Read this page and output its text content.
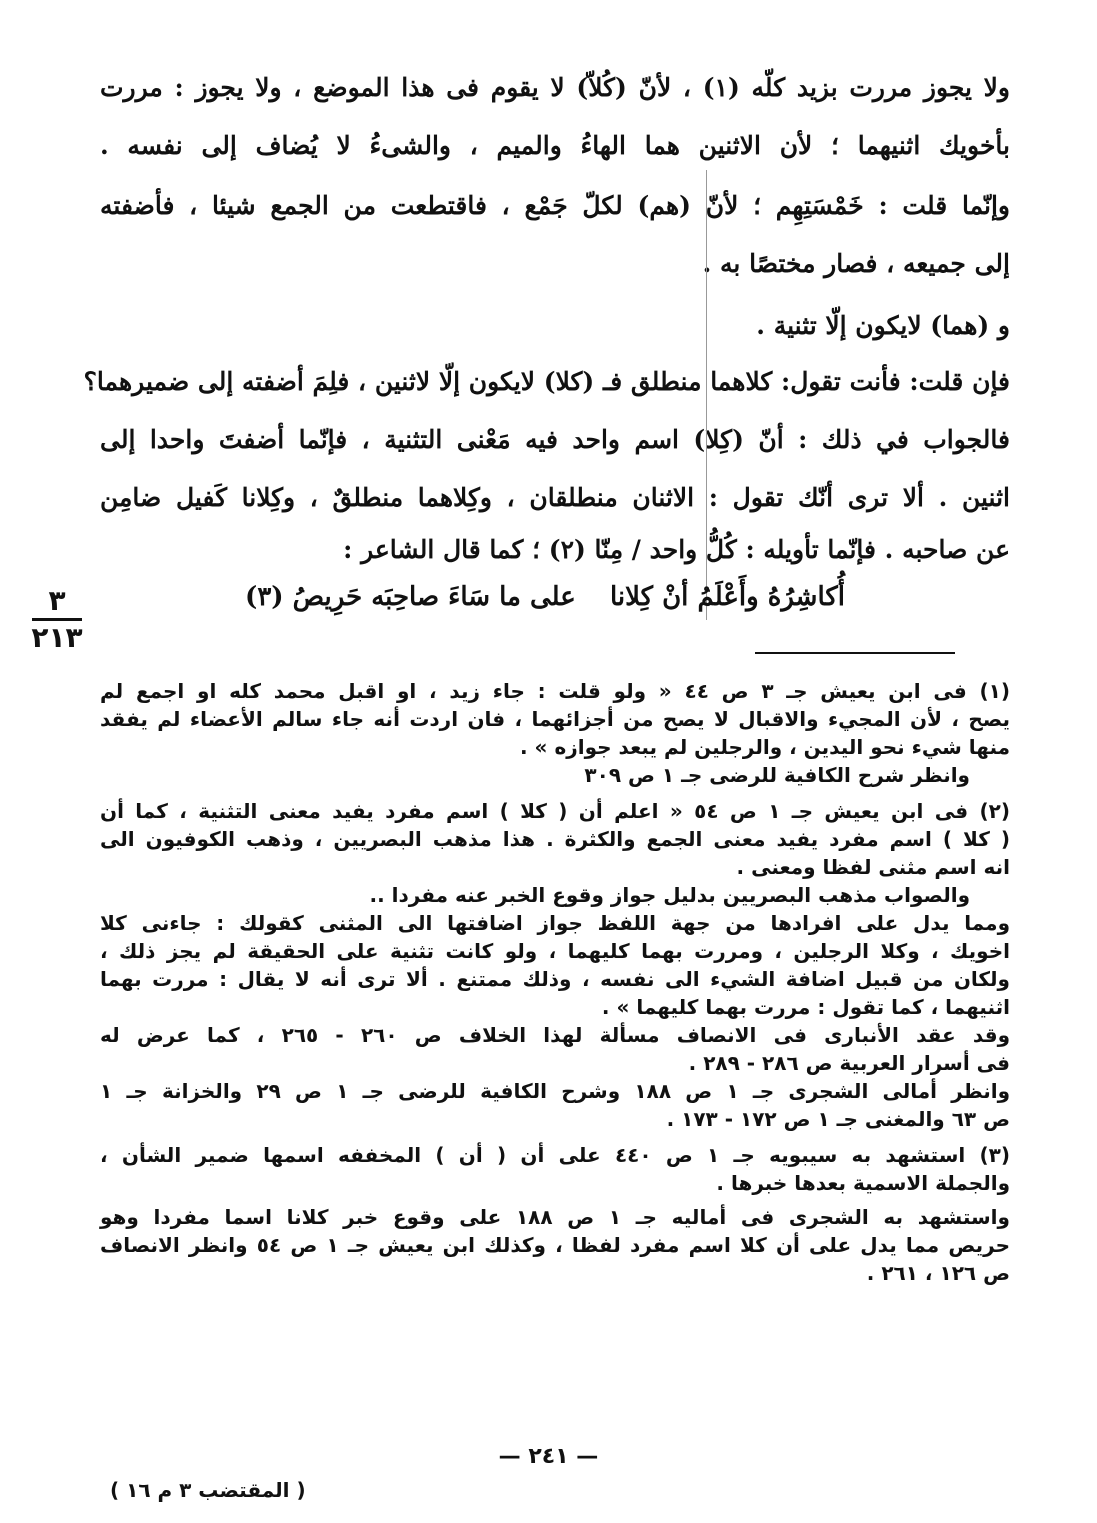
ولا يجوز مررت بزيد كلّه (١) ، لأنّ (كُلاّ) لا يقوم فى هذا الموضع ، ولا يجوز : مررت
بأخويك اثنيهما ؛ لأن الاثنين هما الهاءُ والميم ، والشىءُ لا يُضاف إلى نفسه .
وإنّما قلت : خَمْسَتِهِم ؛ لأنّ (هم) لكلّ جَمْع ، فاقتطعت من الجمع شيئا ، فأضفته
إلى جميعه ، فصار مختصًا به .
و (هما) لايكون إلّا تثنية .
فإن قلت: فأنت تقول: كلاهما منطلق فـ (كلا) لايكون إلّا لاثنين ، فلِمَ أضفته إلى ضميرهما؟
فالجواب في ذلك : أنّ (كِلا) اسم واحد فيه مَعْنى التثنية ، فإنّما أضفتَ واحدا إلى
اثنين . ألا ترى أنّك تقول : الاثنان منطلقان ، وكِلاهما منطلقٌ ، وكِلانا كَفيل ضامِن
عن صاحبه . فإنّما تأويله : كُلُّ واحد / مِنّا (٢) ؛ كما قال الشاعر :
أُكاشِرُهُ وأَعْلَمُ أنْ كِلانا
على ما سَاءَ صاحِبَه حَرِيصُ (٣)
٣
٢١٣
(١) فى ابن يعيش جـ ٣ ص ٤٤ « ولو قلت : جاء زيد ، او اقبل محمد كله او اجمع لم
يصح ، لأن المجيء والاقبال لا يصح من أجزائهما ، فان اردت أنه جاء سالم الأعضاء لم يفقد
منها شيء نحو اليدين ، والرجلين لم يبعد جوازه » .
وانظر شرح الكافية للرضى جـ ١ ص ٣٠٩
(٢) فى ابن يعيش جـ ١ ص ٥٤ « اعلم أن ( كلا ) اسم مفرد يفيد معنى التثنية ، كما أن
( كلا ) اسم مفرد يفيد معنى الجمع والكثرة . هذا مذهب البصريين ، وذهب الكوفيون الى
انه اسم مثنى لفظا ومعنى .
والصواب مذهب البصريين بدليل جواز وقوع الخبر عنه مفردا ..
ومما يدل على افرادها من جهة اللفظ جواز اضافتها الى المثنى كقولك : جاءنى كلا
اخويك ، وكلا الرجلين ، ومررت بهما كليهما ، ولو كانت تثنية على الحقيقة لم يجز ذلك ،
ولكان من قبيل اضافة الشيء الى نفسه ، وذلك ممتنع . ألا ترى أنه لا يقال : مررت بهما
اثنيهما ، كما تقول : مررت بهما كليهما » .
وقد عقد الأنبارى فى الانصاف مسألة لهذا الخلاف ص ٢٦٠ - ٢٦٥ ، كما عرض له
فى أسرار العربية ص ٢٨٦ - ٢٨٩ .
وانظر أمالى الشجرى جـ ١ ص ١٨٨ وشرح الكافية للرضى جـ ١ ص ٢٩ والخزانة جـ ١
ص ٦٣ والمغنى جـ ١ ص ١٧٢ - ١٧٣ .
(٣) استشهد به سيبويه جـ ١ ص ٤٤٠ على أن ( أن ) المخففه اسمها ضمير الشأن ،
والجملة الاسمية بعدها خبرها .
واستشهد به الشجرى فى أماليه جـ ١ ص ١٨٨ على وقوع خبر كلانا اسما مفردا وهو
حريص مما يدل على أن كلا اسم مفرد لفظا ، وكذلك ابن يعيش جـ ١ ص ٥٤ وانظر الانصاف
ص ١٢٦ ، ٢٦١ .
— ٢٤١ —
( المقتضب ٣ م ١٦ )
